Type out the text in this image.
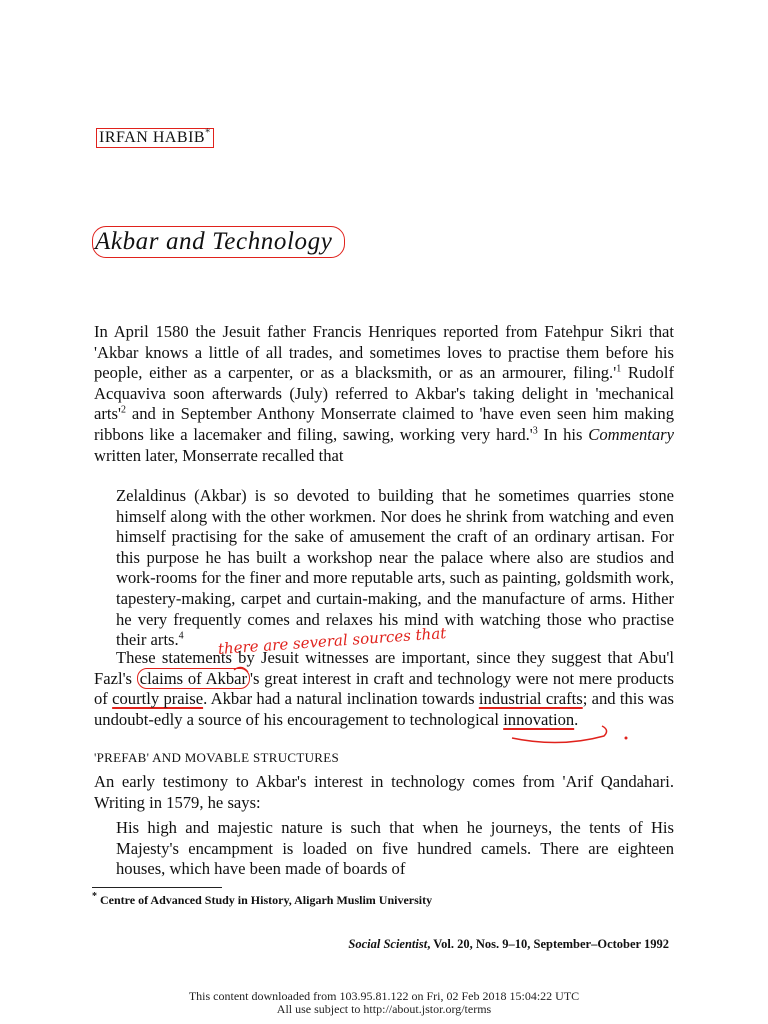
IRFAN HABIB*
Akbar and Technology
In April 1580 the Jesuit father Francis Henriques reported from Fatehpur Sikri that 'Akbar knows a little of all trades, and sometimes loves to practise them before his people, either as a carpenter, or as a blacksmith, or as an armourer, $filing.'^1$ Rudolf Acquaviva soon afterwards (July) referred to Akbar's taking delight in 'mechanical $arts'^2$ and in September Anthony Monserrate claimed to 'have even seen him making ribbons like a lacemaker and filing, sawing, working very $hard.'^3$ In his Commentary written later, Monserrate recalled that
Zelaldinus (Akbar) is so devoted to building that he sometimes quarries stone himself along with the other workmen. Nor does he shrink from watching and even himself practising for the sake of amusement the craft of an ordinary artisan. For this purpose he has built a workshop near the palace where also are studios and work-rooms for the finer and more reputable arts, such as painting, goldsmith work, tapestery-making, carpet and curtain-making, and the manufacture of arms. Hither he very frequently comes and relaxes his mind with watching those who practise their arts.$^4$	there are several sources that
These statements by Jesuit witnesses are important, since they suggest that Abu'l Fazl's claims of Akbar 's great interest in craft and technology were not mere products of courtly praise. Akbar had a natural inclination towards industrial crafts; and this was undoubt-edly a source of his encouragement to technological innovation.
'PREFAB' AND MOVABLE STRUCTURES
An early testimony to Akbar's interest in technology comes from 'Arif Qandahari. Writing in 1579, he says:
His high and majestic nature is such that when he journeys, the tents of His Majesty's encampment is loaded on five hundred camels. There are eighteen houses, which have been made of boards of
* Centre of Advanced Study in History, Aligarh Muslim University
Social Scientist, Vol. 20, Nos. 9–10, September–October 1992
This content downloaded from 103.95.81.122 on Fri, 02 Feb 2018 15:04:22 UTC
All use subject to http://about.jstor.org/terms
